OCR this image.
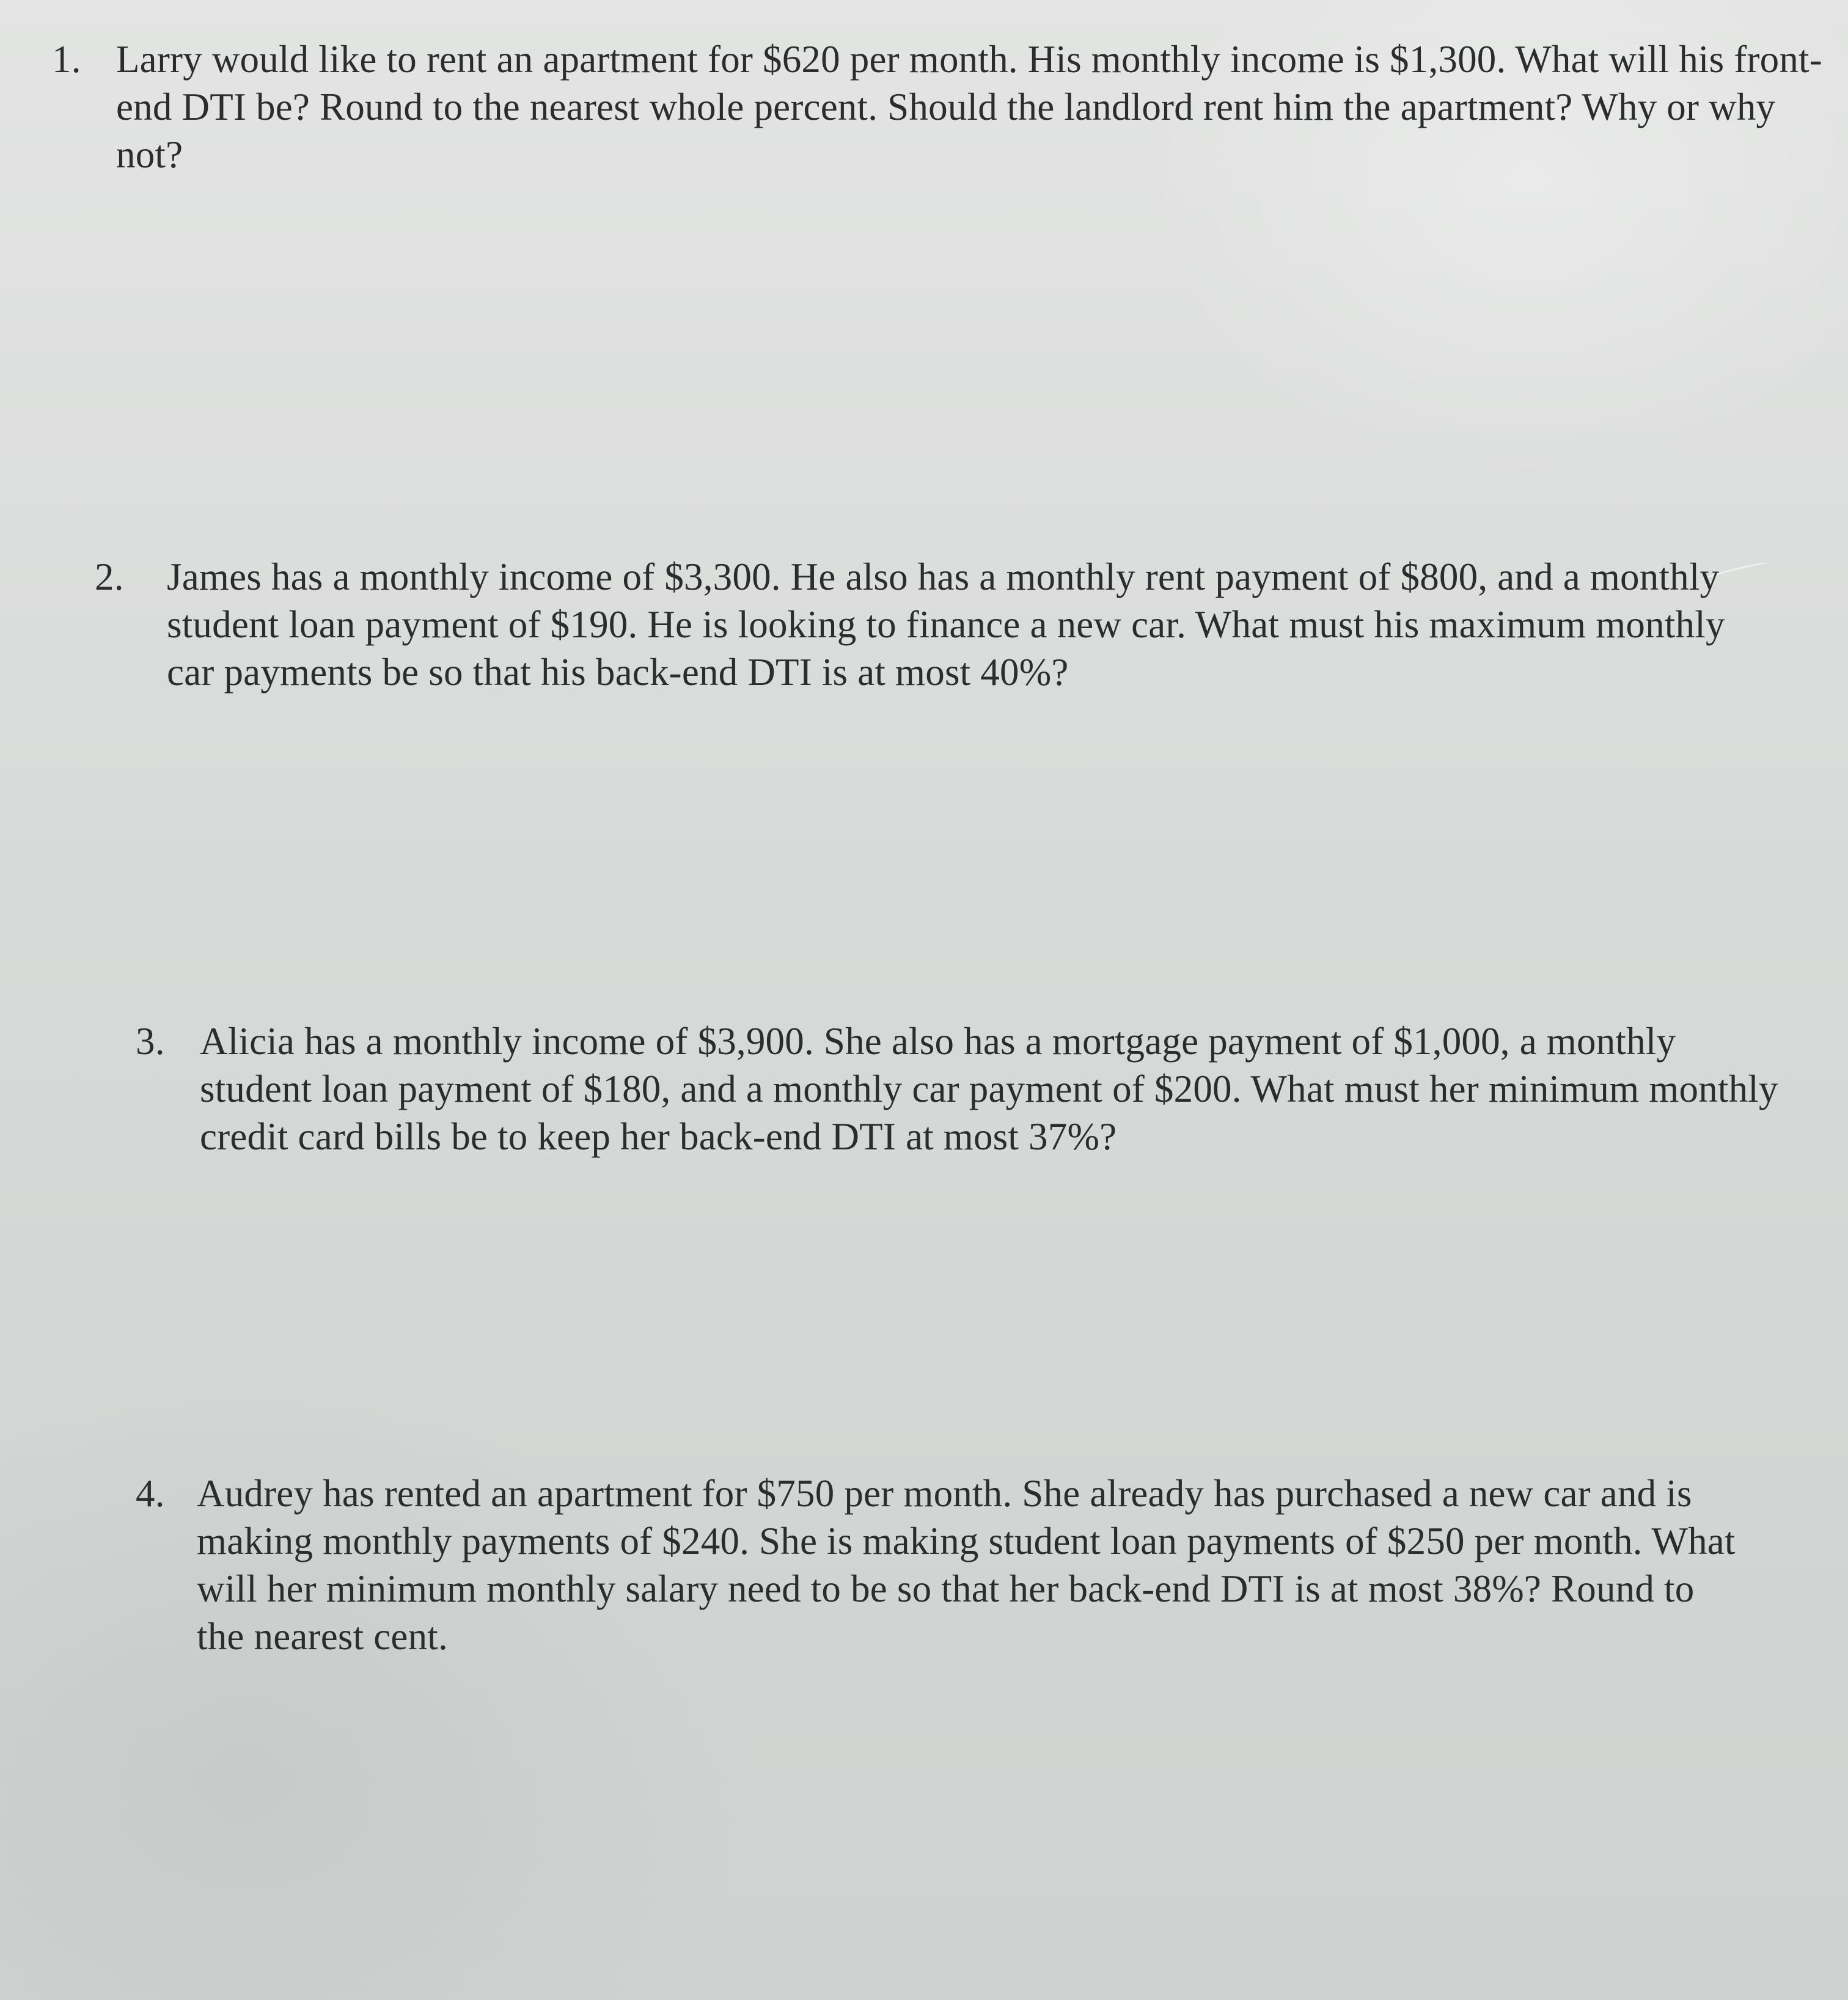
1. Larry would like to rent an apartment for $620 per month. His monthly income is $1,300. What will his front-end DTI be? Round to the nearest whole percent. Should the landlord rent him the apartment? Why or why not?
2. James has a monthly income of $3,300. He also has a monthly rent payment of $800, and a monthly student loan payment of $190. He is looking to finance a new car. What must his maximum monthly car payments be so that his back-end DTI is at most 40%?
3. Alicia has a monthly income of $3,900. She also has a mortgage payment of $1,000, a monthly student loan payment of $180, and a monthly car payment of $200. What must her minimum monthly credit card bills be to keep her back-end DTI at most 37%?
4. Audrey has rented an apartment for $750 per month. She already has purchased a new car and is making monthly payments of $240. She is making student loan payments of $250 per month. What will her minimum monthly salary need to be so that her back-end DTI is at most 38%? Round to the nearest cent.
